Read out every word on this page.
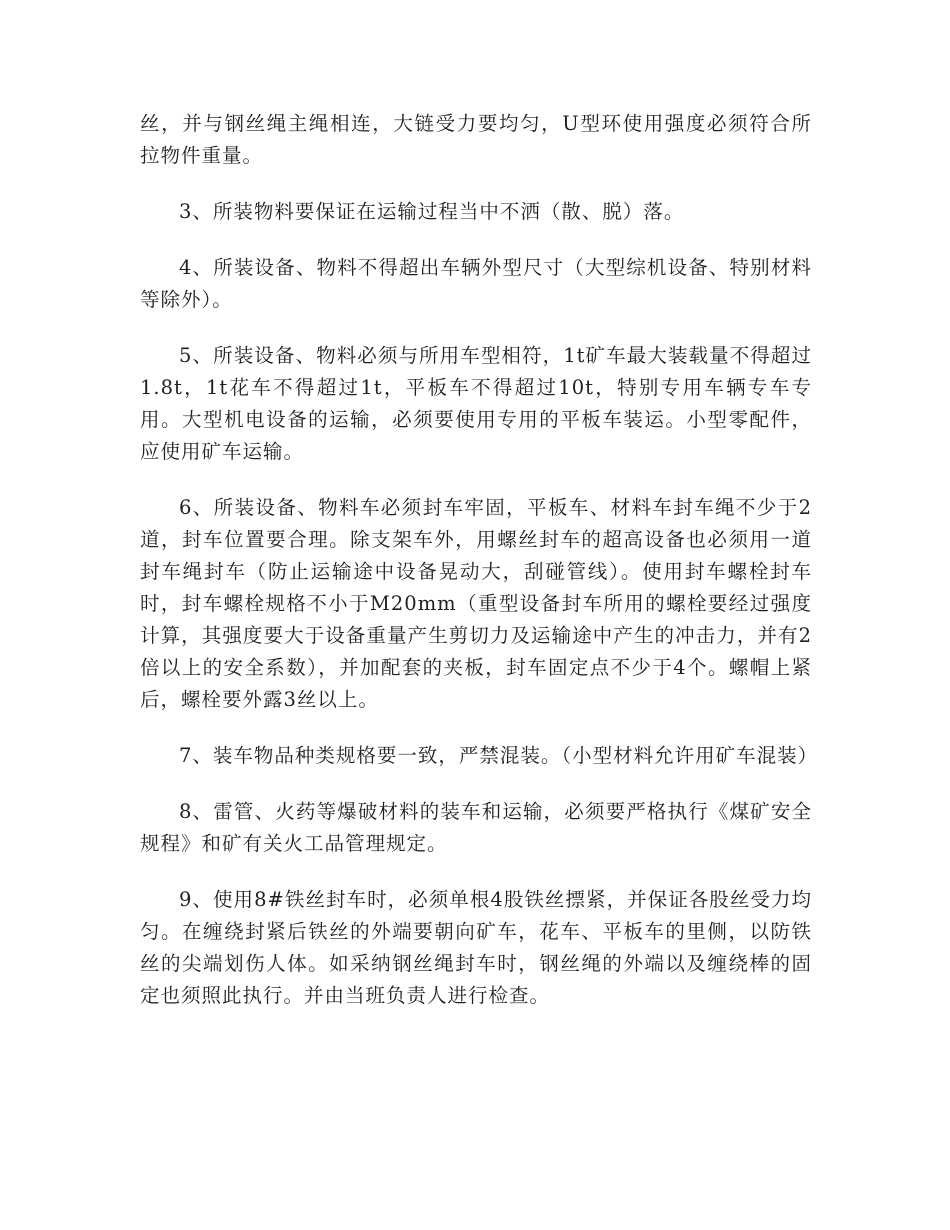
丝，并与钢丝绳主绳相连，大链受力要均匀，U型环使用强度必须符合所拉物件重量。

3、所装物料要保证在运输过程当中不洒（散、脱）落。

4、所装设备、物料不得超出车辆外型尺寸（大型综机设备、特别材料等除外）。

5、所装设备、物料必须与所用车型相符，1t矿车最大装载量不得超过1.8t，1t花车不得超过1t，平板车不得超过10t，特别专用车辆专车专用。大型机电设备的运输，必须要使用专用的平板车装运。小型零配件，应使用矿车运输。

6、所装设备、物料车必须封车牢固，平板车、材料车封车绳不少于2道，封车位置要合理。除支架车外，用螺丝封车的超高设备也必须用一道封车绳封车（防止运输途中设备晃动大，刮碰管线）。使用封车螺栓封车时，封车螺栓规格不小于M20mm（重型设备封车所用的螺栓要经过强度计算，其强度要大于设备重量产生剪切力及运输途中产生的冲击力，并有2倍以上的安全系数），并加配套的夹板，封车固定点不少于4个。螺帽上紧后，螺栓要外露3丝以上。

7、装车物品种类规格要一致，严禁混装。（小型材料允许用矿车混装）

8、雷管、火药等爆破材料的装车和运输，必须要严格执行《煤矿安全规程》和矿有关火工品管理规定。

9、使用8#铁丝封车时，必须单根4股铁丝摽紧，并保证各股丝受力均匀。在缠绕封紧后铁丝的外端要朝向矿车，花车、平板车的里侧，以防铁丝的尖端划伤人体。如采纳钢丝绳封车时，钢丝绳的外端以及缠绕棒的固定也须照此执行。并由当班负责人进行检查。
